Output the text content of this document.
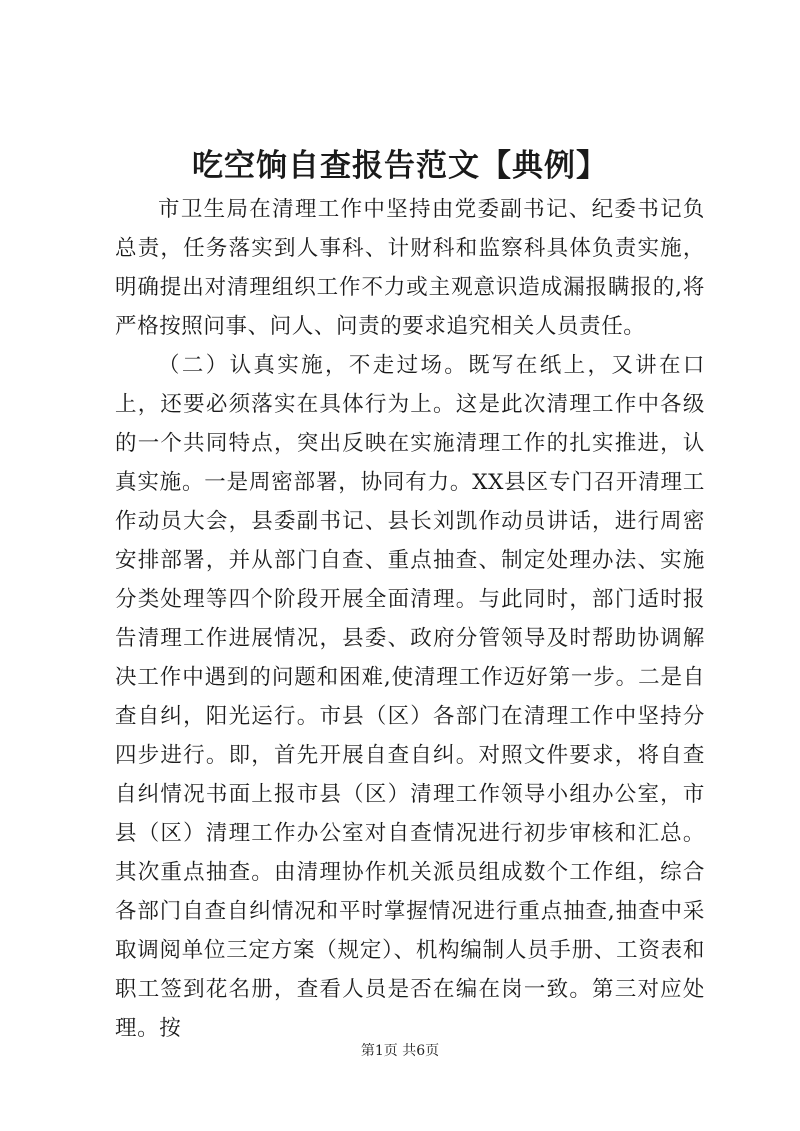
吃空饷自查报告范文【典例】

市卫生局在清理工作中坚持由党委副书记、纪委书记负总责，任务落实到人事科、计财科和监察科具体负责实施，明确提出对清理组织工作不力或主观意识造成漏报瞒报的,将严格按照问事、问人、问责的要求追究相关人员责任。

（二）认真实施，不走过场。既写在纸上，又讲在口上，还要必须落实在具体行为上。这是此次清理工作中各级的一个共同特点，突出反映在实施清理工作的扎实推进，认真实施。一是周密部署，协同有力。XX县区专门召开清理工作动员大会，县委副书记、县长刘凯作动员讲话，进行周密安排部署，并从部门自查、重点抽查、制定处理办法、实施分类处理等四个阶段开展全面清理。与此同时，部门适时报告清理工作进展情况，县委、政府分管领导及时帮助协调解决工作中遇到的问题和困难,使清理工作迈好第一步。二是自查自纠，阳光运行。市县（区）各部门在清理工作中坚持分四步进行。即，首先开展自查自纠。对照文件要求，将自查自纠情况书面上报市县（区）清理工作领导小组办公室，市县（区）清理工作办公室对自查情况进行初步审核和汇总。其次重点抽查。由清理协作机关派员组成数个工作组，综合各部门自查自纠情况和平时掌握情况进行重点抽查,抽查中采取调阅单位三定方案（规定）、机构编制人员手册、工资表和职工签到花名册，查看人员是否在编在岗一致。第三对应处理。按

第1页 共6页
